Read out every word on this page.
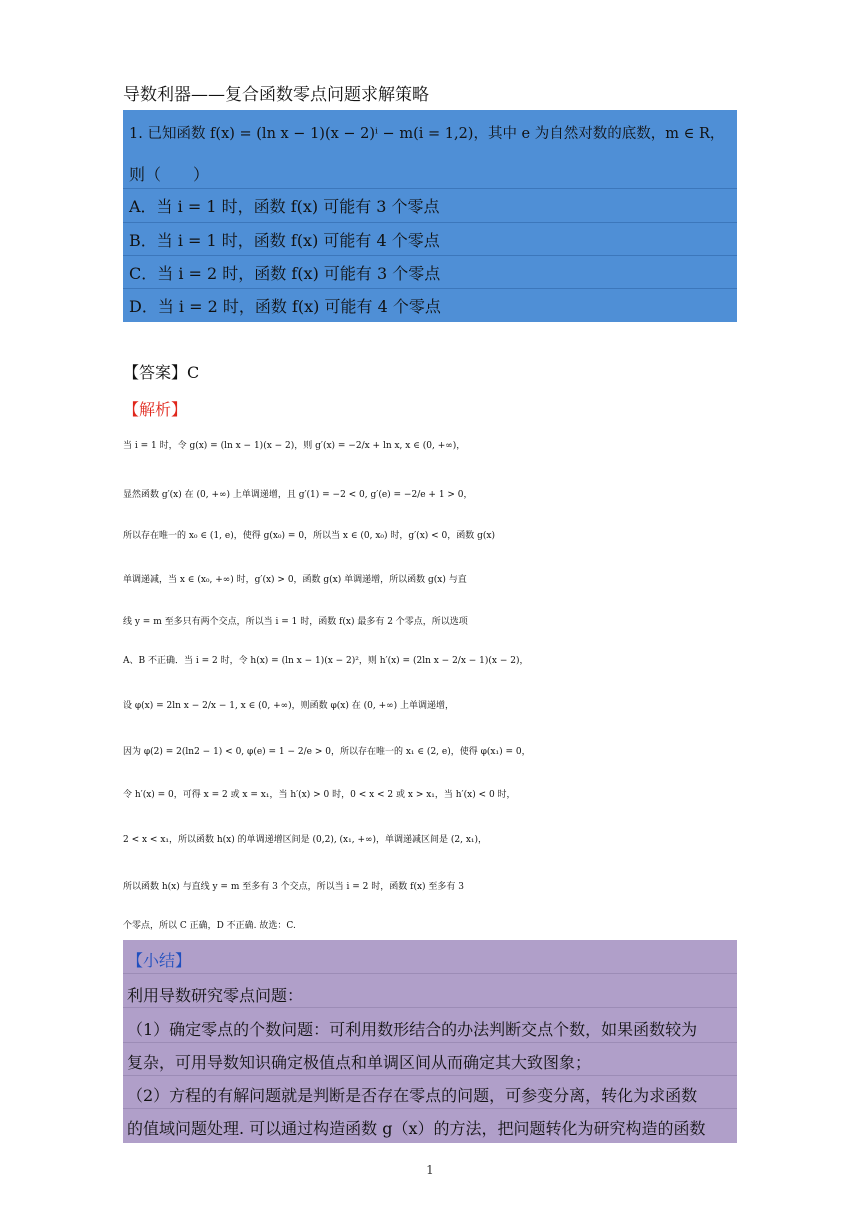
导数利器——复合函数零点问题求解策略
1. 已知函数 f(x) = (ln x − 1)(x − 2)ⁱ − m(i = 1,2)，其中 e 为自然对数的底数，m ∈ R，
则（　　）
A．当 i = 1 时，函数 f(x) 可能有 3 个零点
B．当 i = 1 时，函数 f(x) 可能有 4 个零点
C．当 i = 2 时，函数 f(x) 可能有 3 个零点
D．当 i = 2 时，函数 f(x) 可能有 4 个零点
【答案】C
【解析】
当 i = 1 时，令 g(x) = (ln x − 1)(x − 2)，则 g′(x) = −2/x + ln x, x ∈ (0, +∞)，
显然函数 g′(x) 在 (0, +∞) 上单调递增，且 g′(1) = −2 < 0, g′(e) = −2/e + 1 > 0，
所以存在唯一的 x₀ ∈ (1, e)，使得 g(x₀) = 0，所以当 x ∈ (0, x₀) 时，g′(x) < 0，函数 g(x)
单调递减，当 x ∈ (x₀, +∞) 时，g′(x) > 0，函数 g(x) 单调递增，所以函数 g(x) 与直
线 y = m 至多只有两个交点，所以当 i = 1 时，函数 f(x) 最多有 2 个零点，所以选项
A、B 不正确．当 i = 2 时，令 h(x) = (ln x − 1)(x − 2)²，则 h′(x) = (2ln x − 2/x − 1)(x − 2)，
设 φ(x) = 2ln x − 2/x − 1, x ∈ (0, +∞)，则函数 φ(x) 在 (0, +∞) 上单调递增，
因为 φ(2) = 2(ln2 − 1) < 0, φ(e) = 1 − 2/e > 0，所以存在唯一的 x₁ ∈ (2, e)，使得 φ(x₁) = 0，
令 h′(x) = 0，可得 x = 2 或 x = x₁，当 h′(x) > 0 时，0 < x < 2 或 x > x₁，当 h′(x) < 0 时，
2 < x < x₁，所以函数 h(x) 的单调递增区间是 (0,2), (x₁, +∞)，单调递减区间是 (2, x₁)，
所以函数 h(x) 与直线 y = m 至多有 3 个交点，所以当 i = 2 时，函数 f(x) 至多有 3
个零点，所以 C 正确，D 不正确. 故选：C.
【小结】
利用导数研究零点问题：
（1）确定零点的个数问题：可利用数形结合的办法判断交点个数，如果函数较为
复杂，可用导数知识确定极值点和单调区间从而确定其大致图象；
（2）方程的有解问题就是判断是否存在零点的问题，可参变分离，转化为求函数
的值域问题处理. 可以通过构造函数 g（x）的方法，把问题转化为研究构造的函数
1
